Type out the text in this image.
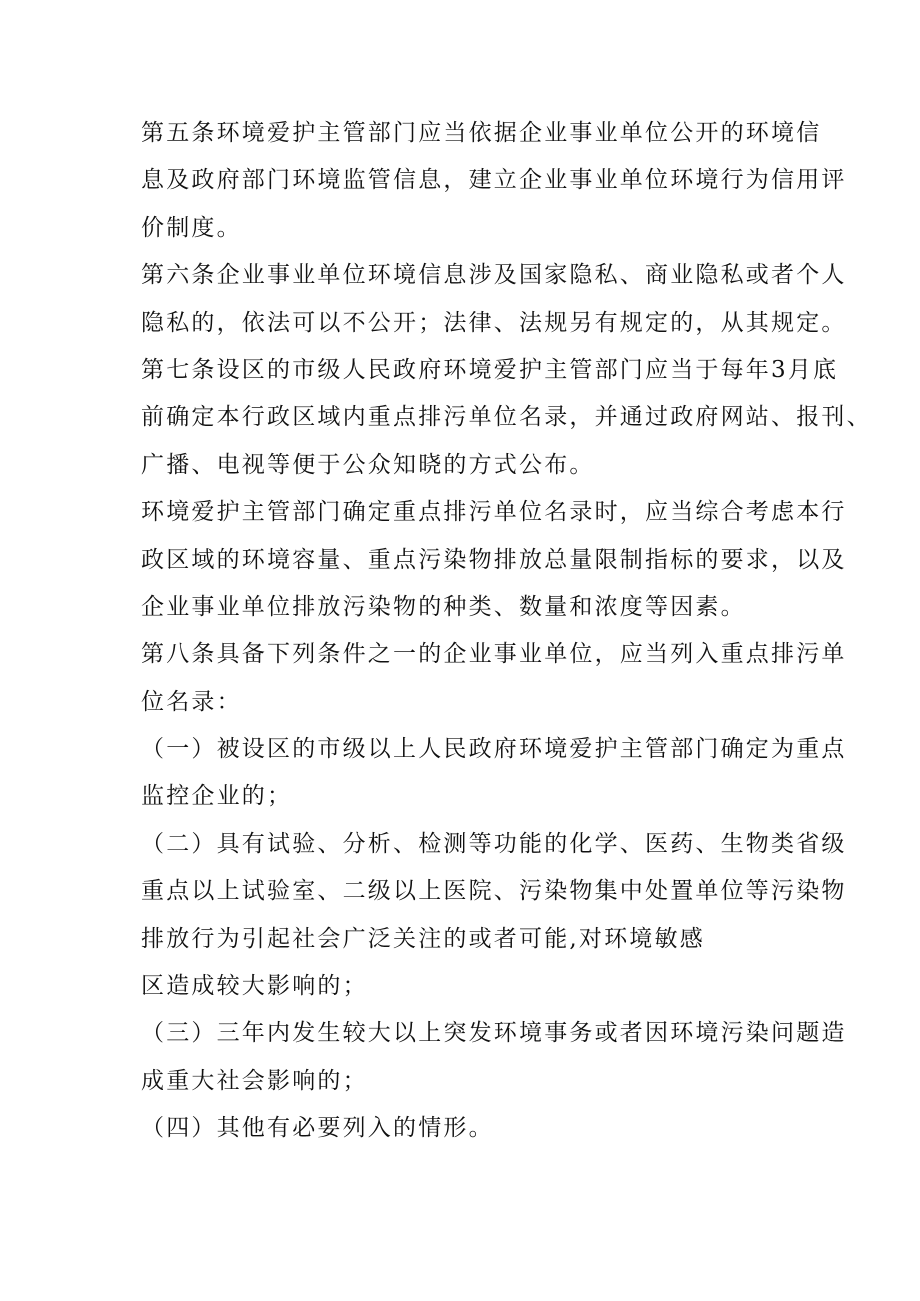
第五条环境爱护主管部门应当依据企业事业单位公开的环境信
息及政府部门环境监管信息，建立企业事业单位环境行为信用评
价制度。
第六条企业事业单位环境信息涉及国家隐私、商业隐私或者个人
隐私的，依法可以不公开；法律、法规另有规定的，从其规定。
第七条设区的市级人民政府环境爱护主管部门应当于每年3月底
前确定本行政区域内重点排污单位名录，并通过政府网站、报刊、
广播、电视等便于公众知晓的方式公布。
环境爱护主管部门确定重点排污单位名录时，应当综合考虑本行
政区域的环境容量、重点污染物排放总量限制指标的要求，以及
企业事业单位排放污染物的种类、数量和浓度等因素。
第八条具备下列条件之一的企业事业单位，应当列入重点排污单
位名录：
（一）被设区的市级以上人民政府环境爱护主管部门确定为重点
监控企业的；
（二）具有试验、分析、检测等功能的化学、医药、生物类省级
重点以上试验室、二级以上医院、污染物集中处置单位等污染物
排放行为引起社会广泛关注的或者可能,对环境敏感
区造成较大影响的；
（三）三年内发生较大以上突发环境事务或者因环境污染问题造
成重大社会影响的；
（四）其他有必要列入的情形。
